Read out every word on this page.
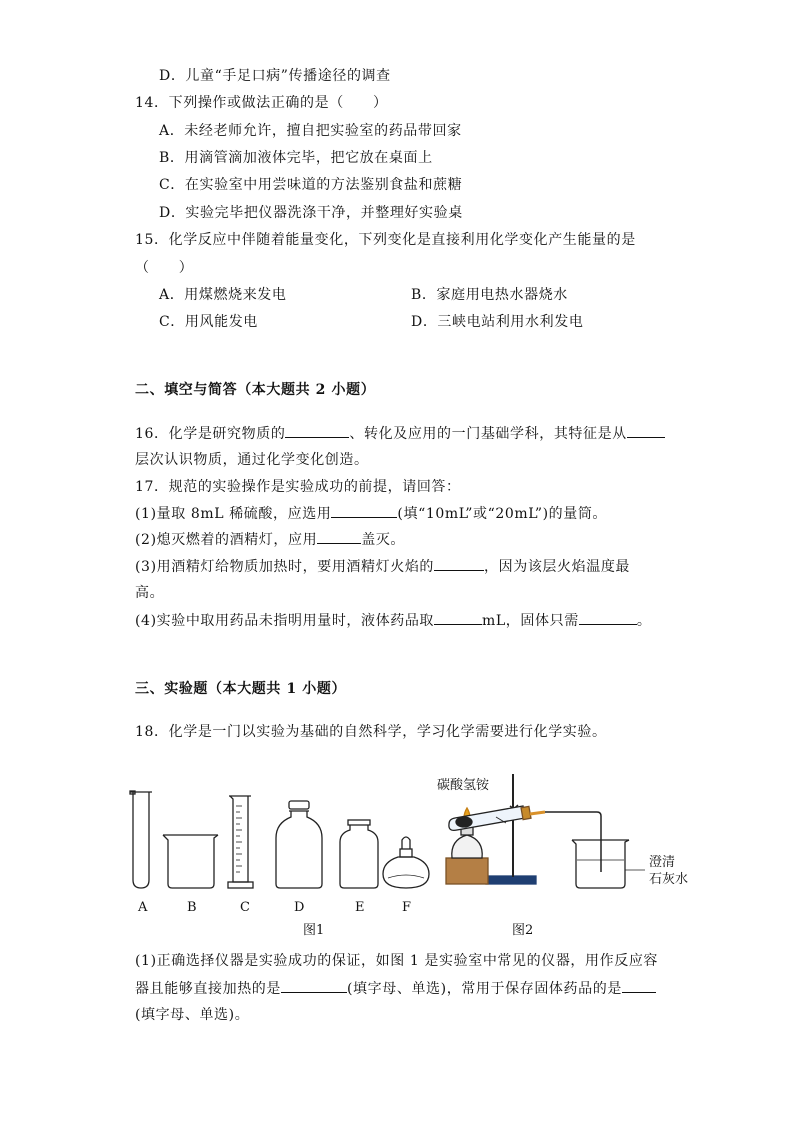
D．儿童“手足口病”传播途径的调查
14．下列操作或做法正确的是（　　）
A．未经老师允许，擅自把实验室的药品带回家
B．用滴管滴加液体完毕，把它放在桌面上
C．在实验室中用尝味道的方法鉴别食盐和蔗糖
D．实验完毕把仪器洗涤干净，并整理好实验桌
15．化学反应中伴随着能量变化，下列变化是直接利用化学变化产生能量的是
（　　）
A．用煤燃烧来发电	B．家庭用电热水器烧水
C．用风能发电	D．三峡电站利用水利发电
二、填空与简答（本大题共 2 小题）
16．化学是研究物质的	、转化及应用的一门基础学科，其特征是从
层次认识物质，通过化学变化创造。
17．规范的实验操作是实验成功的前提，请回答：
(1)量取 8mL 稀硫酸，应选用	(填“10mL”或“20mL”)的量筒。
(2)熄灭燃着的酒精灯，应用	盖灭。
(3)用酒精灯给物质加热时，要用酒精灯火焰的	，因为该层火焰温度最
高。
(4)实验中取用药品未指明用量时，液体药品取	mL，固体只需	。
三、实验题（本大题共 1 小题）
18．化学是一门以实验为基础的自然科学，学习化学需要进行化学实验。
A	B	C	D	E	F
图1	图2
碳酸氢铵
澄清
石灰水
(1)正确选择仪器是实验成功的保证，如图 1 是实验室中常见的仪器，用作反应容
器且能够直接加热的是	(填字母、单选)，常用于保存固体药品的是
(填字母、单选)。
